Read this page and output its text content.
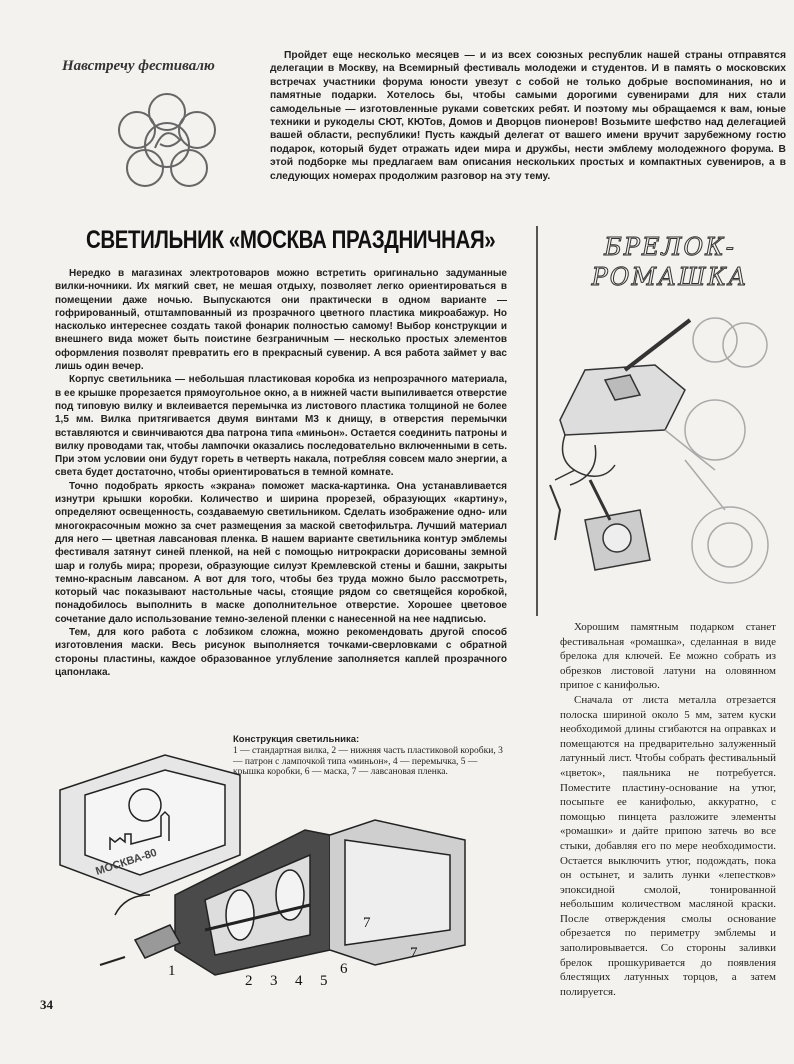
Навстречу фестивалю

Пройдет еще несколько месяцев — и из всех союзных республик нашей страны отправятся делегации в Москву, на Всемирный фестиваль молодежи и студентов. И в память о московских встречах участники форума юности увезут с собой не только добрые воспоминания, но и памятные подарки. Хотелось бы, чтобы самыми дорогими сувенирами для них стали самодельные — изготовленные руками советских ребят. И поэтому мы обращаемся к вам, юные техники и рукоделы СЮТ, КЮТов, Домов и Дворцов пионеров! Возьмите шефство над делегацией вашей области, республики! Пусть каждый делегат от вашего имени вручит зарубежному гостю подарок, который будет отражать идеи мира и дружбы, нести эмблему молодежного форума. В этой подборке мы предлагаем вам описания нескольких простых и компактных сувениров, а в следующих номерах продолжим разговор на эту тему.

СВЕТИЛЬНИК «МОСКВА ПРАЗДНИЧНАЯ»

Нередко в магазинах электротоваров можно встретить оригинально задуманные вилки-ночники. Их мягкий свет, не мешая отдыху, позволяет легко ориентироваться в помещении даже ночью. Выпускаются они практически в одном варианте — гофрированный, отштампованный из прозрачного цветного пластика микроабажур. Но насколько интереснее создать такой фонарик полностью самому! Выбор конструкции и внешнего вида может быть поистине безграничным — несколько простых элементов оформления позволят превратить его в прекрасный сувенир. А вся работа займет у вас лишь один вечер.

Корпус светильника — небольшая пластиковая коробка из непрозрачного материала, в ее крышке прорезается прямоугольное окно, а в нижней части выпиливается отверстие под типовую вилку и вклеивается перемычка из листового пластика толщиной не более 1,5 мм. Вилка притягивается двумя винтами М3 к днищу, в отверстия перемычки вставляются и свинчиваются два патрона типа «миньон». Остается соединить патроны и вилку проводами так, чтобы лампочки оказались последовательно включенными в сеть. При этом условии они будут гореть в четверть накала, потребляя совсем мало энергии, а света будет достаточно, чтобы ориентироваться в темной комнате.

Точно подобрать яркость «экрана» поможет маска-картинка. Она устанавливается изнутри крышки коробки. Количество и ширина прорезей, образующих «картину», определяют освещенность, создаваемую светильником. Сделать изображение одно- или многокрасочным можно за счет размещения за маской светофильтра. Лучший материал для него — цветная лавсановая пленка. В нашем варианте светильника контур эмблемы фестиваля затянут синей пленкой, на ней с помощью нитрокраски дорисованы земной шар и голубь мира; прорези, образующие силуэт Кремлевской стены и башни, закрыты темно-красным лавсаном. А вот для того, чтобы без труда можно было рассмотреть, который час показывают настольные часы, стоящие рядом со светящейся коробкой, понадобилось выполнить в маске дополнительное отверстие. Хорошее цветовое сочетание дало использование темно-зеленой пленки с нанесенной на нее надписью.

Тем, для кого работа с лобзиком сложна, можно рекомендовать другой способ изготовления маски. Весь рисунок выполняется точками-сверловками с обратной стороны пластины, каждое образованное углубление заполняется каплей прозрачного цапонлака.

БРЕЛОК-РОМАШКА

Хорошим памятным подарком станет фестивальная «ромашка», сделанная в виде брелока для ключей. Ее можно собрать из обрезков листовой латуни на оловянном припое с канифолью.

Сначала от листа металла отрезается полоска шириной около 5 мм, затем куски необходимой длины сгибаются на оправках и помещаются на предварительно залуженный латунный лист. Чтобы собрать фестивальный «цветок», паяльника не потребуется. Поместите пластину-основание на утюг, посыпьте ее канифолью, аккуратно, с помощью пинцета разложите элементы «ромашки» и дайте припою затечь во все стыки, добавляя его по мере необходимости. Остается выключить утюг, подождать, пока он остынет, и залить лунки «лепестков» эпоксидной смолой, тонированной небольшим количеством масляной краски. После отверждения смолы основание обрезается по периметру эмблемы и заполировывается. Со стороны заливки брелок прошкуривается до появления блестящих латунных торцов, а затем полируется.

Конструкция светильника:
1 — стандартная вилка, 2 — нижняя часть пластиковой коробки, 3 — патрон с лампочкой типа «миньон», 4 — перемычка, 5 — крышка коробки, 6 — маска, 7 — лавсановая пленка.
1
2 3 4 5
6
7
7
МОСКВА-80
34
